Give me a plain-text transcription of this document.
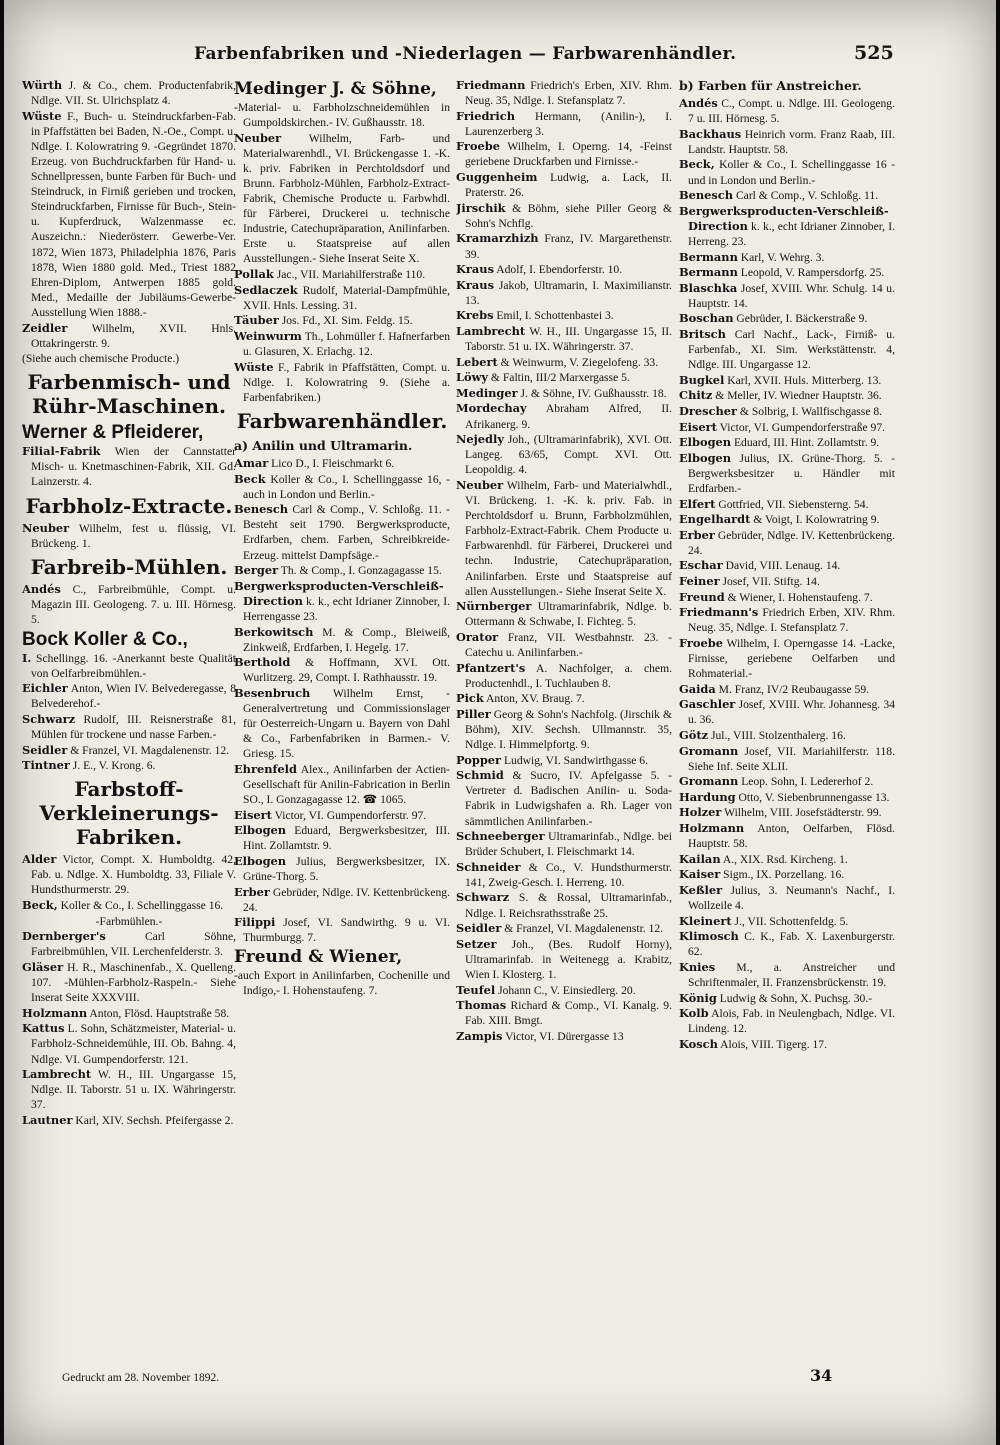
Farbenfabriken und -Niederlagen — Farbwarenhändler.	525
Würth J. & Co., chem. Productenfabrik, Ndlge. VII. St. Ulrichsplatz 4.
Wüste F., Buch- u. Steindruckfarben-Fab. in Pfaffstätten bei Baden, N.-Oe., Compt. u. Ndlge. I. Kolowratring 9. -Gegründet 1870. Erzeug. von Buchdruckfarben für Hand- u. Schnellpressen, bunte Farben für Buch- und Steindruck, in Firniß gerieben und trocken, Steindruckfarben, Firnisse für Buch-, Stein- u. Kupferdruck, Walzenmasse ec. Auszeichn.: Niederösterr. Gewerbe-Ver. 1872, Wien 1873, Philadelphia 1876, Paris 1878, Wien 1880 gold. Med., Triest 1882 Ehren-Diplom, Antwerpen 1885 gold. Med., Medaille der Jubiläums-Gewerbe-Ausstellung Wien 1888.-
Zeidler Wilhelm, XVII. Hnls. Ottakringerstr. 9.
(Siehe auch chemische Producte.)
Farbenmisch- und Rühr-Maschinen.
Werner & Pfleiderer,
Filial-Fabrik Wien der Cannstatter Misch- u. Knetmaschinen-Fabrik, XII. Gd. Lainzerstr. 4.
Farbholz-Extracte.
Neuber Wilhelm, fest u. flüssig, VI. Brückeng. 1.
Farbreib-Mühlen.
Andés C., Farbreibmühle, Compt. u. Magazin III. Geologeng. 7. u. III. Hörnesg. 5.
Bock Koller & Co.,
I. Schellingg. 16. -Anerkannt beste Qualität von Oelfarbreibmühlen.-
Eichler Anton, Wien IV. Belvederegasse, 8 Belvederehof.-
Schwarz Rudolf, III. Reisnerstraße 81, Mühlen für trockene und nasse Farben.-
Seidler & Franzel, VI. Magdalenenstr. 12.
Tintner J. E., V. Krong. 6.
Farbstoff-Verkleinerungs-Fabriken.
Alder Victor, Compt. X. Humboldtg. 42, Fab. u. Ndlge. X. Humboldtg. 33, Filiale V. Hundsthurmerstr. 29.
Beck, Koller & Co., I. Schellinggasse 16.
-Farbmühlen.-
Dernberger's Carl Söhne, Farbreibmühlen, VII. Lerchenfelderstr. 3.
Gläser H. R., Maschinenfab., X. Quelleng. 107. -Mühlen-Farbholz-Raspeln.- Siehe Inserat Seite XXXVIII.
Holzmann Anton, Flösd. Hauptstraße 58.
Kattus L. Sohn, Schätzmeister, Material- u. Farbholz-Schneidemühle, III. Ob. Bahng. 4, Ndlge. VI. Gumpendorferstr. 121.
Lambrecht W. H., III. Ungargasse 15, Ndlge. II. Taborstr. 51 u. IX. Währingerstr. 37.
Lautner Karl, XIV. Sechsh. Pfeifergasse 2.
Medinger J. & Söhne,
-Material- u. Farbholzschneidemühlen in Gumpoldskirchen.- IV. Gußhausstr. 18.
Neuber Wilhelm, Farb- und Materialwarenhdl., VI. Brückengasse 1. -K. k. priv. Fabriken in Perchtoldsdorf und Brunn. Farbholz-Mühlen, Farbholz-Extract-Fabrik, Chemische Producte u. Farbwhdl. für Färberei, Druckerei u. technische Industrie, Catechupräparation, Anilinfarben. Erste u. Staatspreise auf allen Ausstellungen.- Siehe Inserat Seite X.
Pollak Jac., VII. Mariahilferstraße 110.
Sedlaczek Rudolf, Material-Dampfmühle, XVII. Hnls. Lessing. 31.
Täuber Jos. Fd., XI. Sim. Feldg. 15.
Weinwurm Th., Lohmüller f. Hafnerfarben u. Glasuren, X. Erlachg. 12.
Wüste F., Fabrik in Pfaffstätten, Compt. u. Ndlge. I. Kolowratring 9. (Siehe a. Farbenfabriken.)
Farbwarenhändler.
a) Anilin und Ultramarin.
Amar Lico D., I. Fleischmarkt 6.
Beck Koller & Co., I. Schellinggasse 16, -auch in London und Berlin.-
Benesch Carl & Comp., V. Schloßg. 11. -Besteht seit 1790. Bergwerksproducte, Erdfarben, chem. Farben, Schreibkreide-Erzeug. mittelst Dampfsäge.-
Berger Th. & Comp., I. Gonzagagasse 15.
Bergwerksproducten-Verschleiß-Direction k. k., echt Idrianer Zinnober, I. Herrengasse 23.
Berkowitsch M. & Comp., Bleiweiß, Zinkweiß, Erdfarben, I. Hegelg. 17.
Berthold & Hoffmann, XVI. Ott. Wurlitzerg. 29, Compt. I. Rathhausstr. 19.
Besenbruch Wilhelm Ernst, -Generalvertretung und Commissionslager für Oesterreich-Ungarn u. Bayern von Dahl & Co., Farbenfabriken in Barmen.- V. Griesg. 15.
Ehrenfeld Alex., Anilinfarben der Actien-Gesellschaft für Anilin-Fabrication in Berlin SO., I. Gonzagagasse 12. ☎ 1065.
Eisert Victor, VI. Gumpendorferstr. 97.
Elbogen Eduard, Bergwerksbesitzer, III. Hint. Zollamtstr. 9.
Elbogen Julius, Bergwerksbesitzer, IX. Grüne-Thorg. 5.
Erber Gebrüder, Ndlge. IV. Kettenbrückeng. 24.
Filippi Josef, VI. Sandwirthg. 9 u. VI. Thurmburgg. 7.
Freund & Wiener,
-auch Export in Anilinfarben, Cochenille und Indigo,- I. Hohenstaufeng. 7.
Friedmann Friedrich's Erben, XIV. Rhm. Neug. 35, Ndlge. I. Stefansplatz 7.
Friedrich Hermann, (Anilin-), I. Laurenzerberg 3.
Froebe Wilhelm, I. Operng. 14, -Feinst geriebene Druckfarben und Firnisse.-
Guggenheim Ludwig, a. Lack, II. Praterstr. 26.
Jirschik & Böhm, siehe Piller Georg & Sohn's Nchflg.
Kramarzhizh Franz, IV. Margarethenstr. 39.
Kraus Adolf, I. Ebendorferstr. 10.
Kraus Jakob, Ultramarin, I. Maximilianstr. 13.
Krebs Emil, I. Schottenbastei 3.
Lambrecht W. H., III. Ungargasse 15, II. Taborstr. 51 u. IX. Währingerstr. 37.
Lebert & Weinwurm, V. Ziegelofeng. 33.
Löwy & Faltin, III/2 Marxergasse 5.
Medinger J. & Söhne, IV. Gußhausstr. 18.
Mordechay Abraham Alfred, II. Afrikanerg. 9.
Nejedly Joh., (Ultramarinfabrik), XVI. Ott. Langeg. 63/65, Compt. XVI. Ott. Leopoldig. 4.
Neuber Wilhelm, Farb- und Materialwhdl., VI. Brückeng. 1. -K. k. priv. Fab. in Perchtoldsdorf u. Brunn, Farbholzmühlen, Farbholz-Extract-Fabrik. Chem Producte u. Farbwarenhdl. für Färberei, Druckerei und techn. Industrie, Catechupräparation, Anilinfarben. Erste und Staatspreise auf allen Ausstellungen.- Siehe Inserat Seite X.
Nürnberger Ultramarinfabrik, Ndlge. b. Ottermann & Schwabe, I. Fichteg. 5.
Orator Franz, VII. Westbahnstr. 23. -Catechu u. Anilinfarben.-
Pfantzert's A. Nachfolger, a. chem. Productenhdl., I. Tuchlauben 8.
Pick Anton, XV. Braug. 7.
Piller Georg & Sohn's Nachfolg. (Jirschik & Böhm), XIV. Sechsh. Ullmannstr. 35, Ndlge. I. Himmelpfortg. 9.
Popper Ludwig, VI. Sandwirthgasse 6.
Schmid & Sucro, IV. Apfelgasse 5. -Vertreter d. Badischen Anilin- u. Soda-Fabrik in Ludwigshafen a. Rh. Lager von sämmtlichen Anilinfarben.-
Schneeberger Ultramarinfab., Ndlge. bei Brüder Schubert, I. Fleischmarkt 14.
Schneider & Co., V. Hundsthurmerstr. 141, Zweig-Gesch. I. Herreng. 10.
Schwarz S. & Rossal, Ultramarinfab., Ndlge. I. Reichsrathsstraße 25.
Seidler & Franzel, VI. Magdalenenstr. 12.
Setzer Joh., (Bes. Rudolf Horny), Ultramarinfab. in Weitenegg a. Krabitz, Wien I. Klosterg. 1.
Teufel Johann C., V. Einsiedlerg. 20.
Thomas Richard & Comp., VI. Kanalg. 9. Fab. XIII. Bmgt.
Zampis Victor, VI. Dürergasse 13
b) Farben für Anstreicher.
Andés C., Compt. u. Ndlge. III. Geologeng. 7 u. III. Hörnesg. 5.
Backhaus Heinrich vorm. Franz Raab, III. Landstr. Hauptstr. 58.
Beck, Koller & Co., I. Schellinggasse 16 -und in London und Berlin.-
Benesch Carl & Comp., V. Schloßg. 11.
Bergwerksproducten-Verschleiß-Direction k. k., echt Idrianer Zinnober, I. Herreng. 23.
Bermann Karl, V. Wehrg. 3.
Bermann Leopold, V. Rampersdorfg. 25.
Blaschka Josef, XVIII. Whr. Schulg. 14 u. Hauptstr. 14.
Boschan Gebrüder, I. Bäckerstraße 9.
Britsch Carl Nachf., Lack-, Firniß- u. Farbenfab., XI. Sim. Werkstättenstr. 4, Ndlge. III. Ungargasse 12.
Bugkel Karl, XVII. Huls. Mitterberg. 13.
Chitz & Meller, IV. Wiedner Hauptstr. 36.
Drescher & Solbrig, I. Wallfischgasse 8.
Eisert Victor, VI. Gumpendorferstraße 97.
Elbogen Eduard, III. Hint. Zollamtstr. 9.
Elbogen Julius, IX. Grüne-Thorg. 5. -Bergwerksbesitzer u. Händler mit Erdfarben.-
Elfert Gottfried, VII. Siebensterng. 54.
Engelhardt & Voigt, I. Kolowratring 9.
Erber Gebrüder, Ndlge. IV. Kettenbrückeng. 24.
Eschar David, VIII. Lenaug. 14.
Feiner Josef, VII. Stiftg. 14.
Freund & Wiener, I. Hohenstaufeng. 7.
Friedmann's Friedrich Erben, XIV. Rhm. Neug. 35, Ndlge. I. Stefansplatz 7.
Froebe Wilhelm, I. Operngasse 14. -Lacke, Firnisse, geriebene Oelfarben und Rohmaterial.-
Gaida M. Franz, IV/2 Reubaugasse 59.
Gaschler Josef, XVIII. Whr. Johannesg. 34 u. 36.
Götz Jul., VIII. Stolzenthalerg. 16.
Gromann Josef, VII. Mariahilferstr. 118. Siehe Inf. Seite XLII.
Gromann Leop. Sohn, I. Ledererhof 2.
Hardung Otto, V. Siebenbrunnengasse 13.
Holzer Wilhelm, VIII. Josefstädterstr. 99.
Holzmann Anton, Oelfarben, Flösd. Hauptstr. 58.
Kailan A., XIX. Rsd. Kircheng. 1.
Kaiser Sigm., IX. Porzellang. 16.
Keßler Julius, 3. Neumann's Nachf., I. Wollzeile 4.
Kleinert J., VII. Schottenfeldg. 5.
Klimosch C. K., Fab. X. Laxenburgerstr. 62.
Knies M., a. Anstreicher und Schriftenmaler, II. Franzensbrückenstr. 19.
König Ludwig & Sohn, X. Puchsg. 30.-
Kolb Alois, Fab. in Neulengbach, Ndlge. VI. Lindeng. 12.
Kosch Alois, VIII. Tigerg. 17.
Gedruckt am 28. November 1892.	34
